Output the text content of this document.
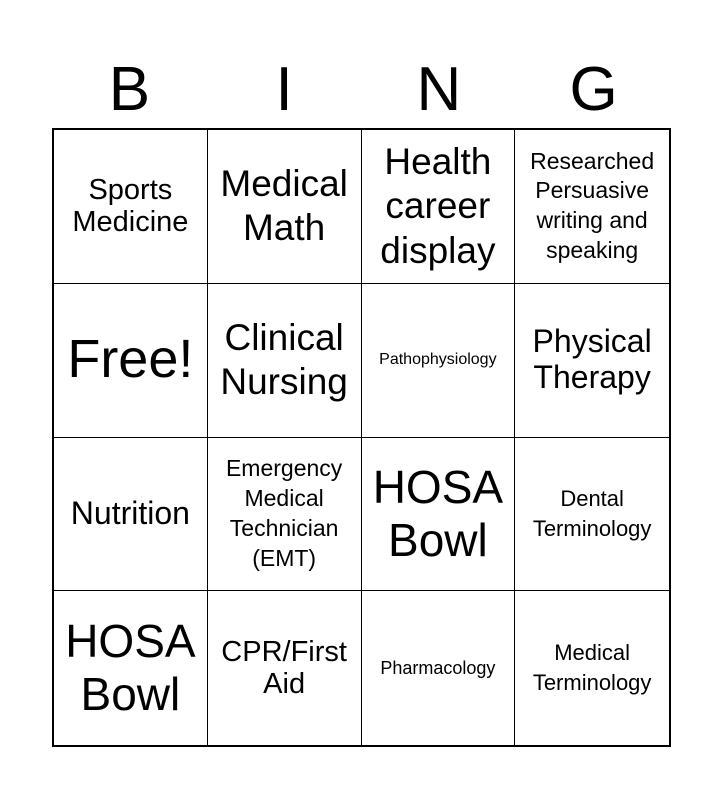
B	I	N	G
Sports Medicine
Medical Math
Health career display
Researched Persuasive writing and speaking
Free! Clinical Nursing
Pathophysiology
Physical Therapy
Nutrition
Emergency Medical Technician (EMT)
HOSA Bowl
Dental Terminology
HOSA Bowl
CPR/First Aid
Pharmacology
Medical Terminology
